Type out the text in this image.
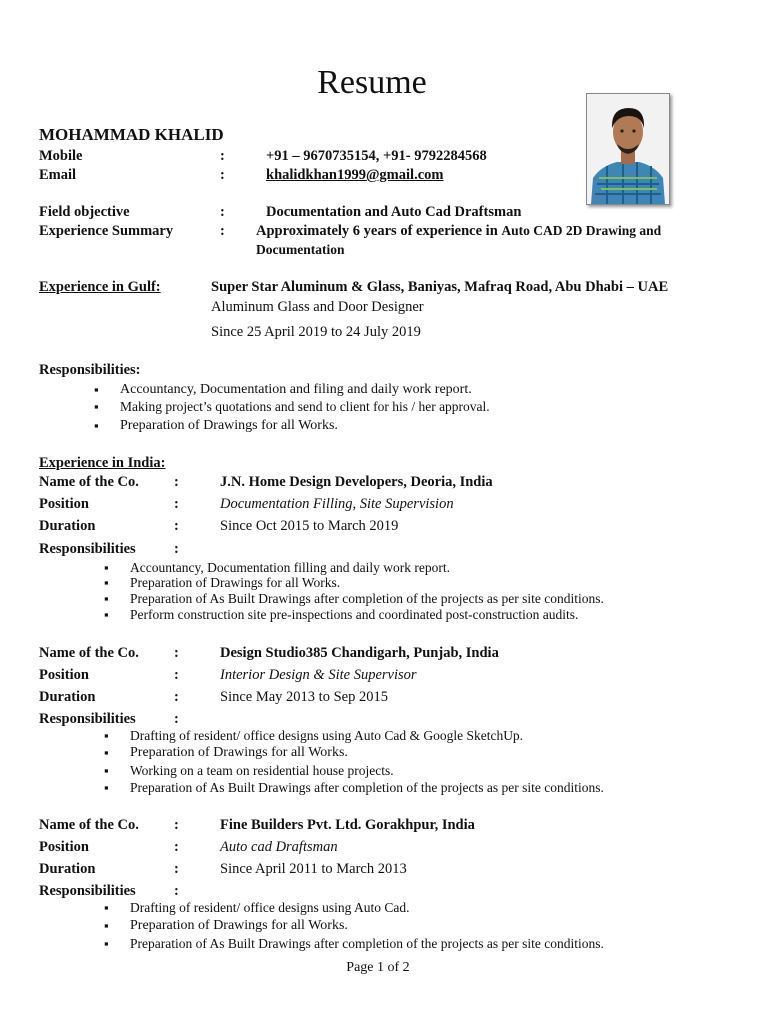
Resume
MOHAMMAD KHALID
Mobile	:	+91 – 9670735154, +91- 9792284568
Email	:	khalidkhan1999@gmail.com
Field objective	:	Documentation and Auto Cad Draftsman
Experience Summary	: Approximately 6 years of experience in Auto CAD 2D Drawing and
Documentation
Experience in Gulf:	Super Star Aluminum & Glass, Baniyas, Mafraq Road, Abu Dhabi – UAE
Aluminum Glass and Door Designer
Since 25 April 2019 to 24 July 2019
Responsibilities:
▪ Accountancy, Documentation and filing and daily work report.
▪ Making project’s quotations and send to client for his / her approval.
▪ Preparation of Drawings for all Works.
Experience in India:
Name of the Co. :	J.N. Home Design Developers, Deoria, India
Position	:	Documentation Filling, Site Supervision
Duration	:	Since Oct 2015 to March 2019
Responsibilities	:
▪ Accountancy, Documentation filling and daily work report.
▪ Preparation of Drawings for all Works.
▪ Preparation of As Built Drawings after completion of the projects as per site conditions.
▪ Perform construction site pre-inspections and coordinated post-construction audits.
Name of the Co. :	Design Studio385 Chandigarh, Punjab, India
Position	:	Interior Design & Site Supervisor
Duration	:	Since May 2013 to Sep 2015
Responsibilities	:
▪ Drafting of resident/ office designs using Auto Cad & Google SketchUp.
▪ Preparation of Drawings for all Works.
▪ Working on a team on residential house projects.
▪ Preparation of As Built Drawings after completion of the projects as per site conditions.
Name of the Co. :	Fine Builders Pvt. Ltd. Gorakhpur, India
Position	:	Auto cad Draftsman
Duration	:	Since April 2011 to March 2013
Responsibilities	:
▪ Drafting of resident/ office designs using Auto Cad.
▪ Preparation of Drawings for all Works.
▪ Preparation of As Built Drawings after completion of the projects as per site conditions.
Page 1 of 2
